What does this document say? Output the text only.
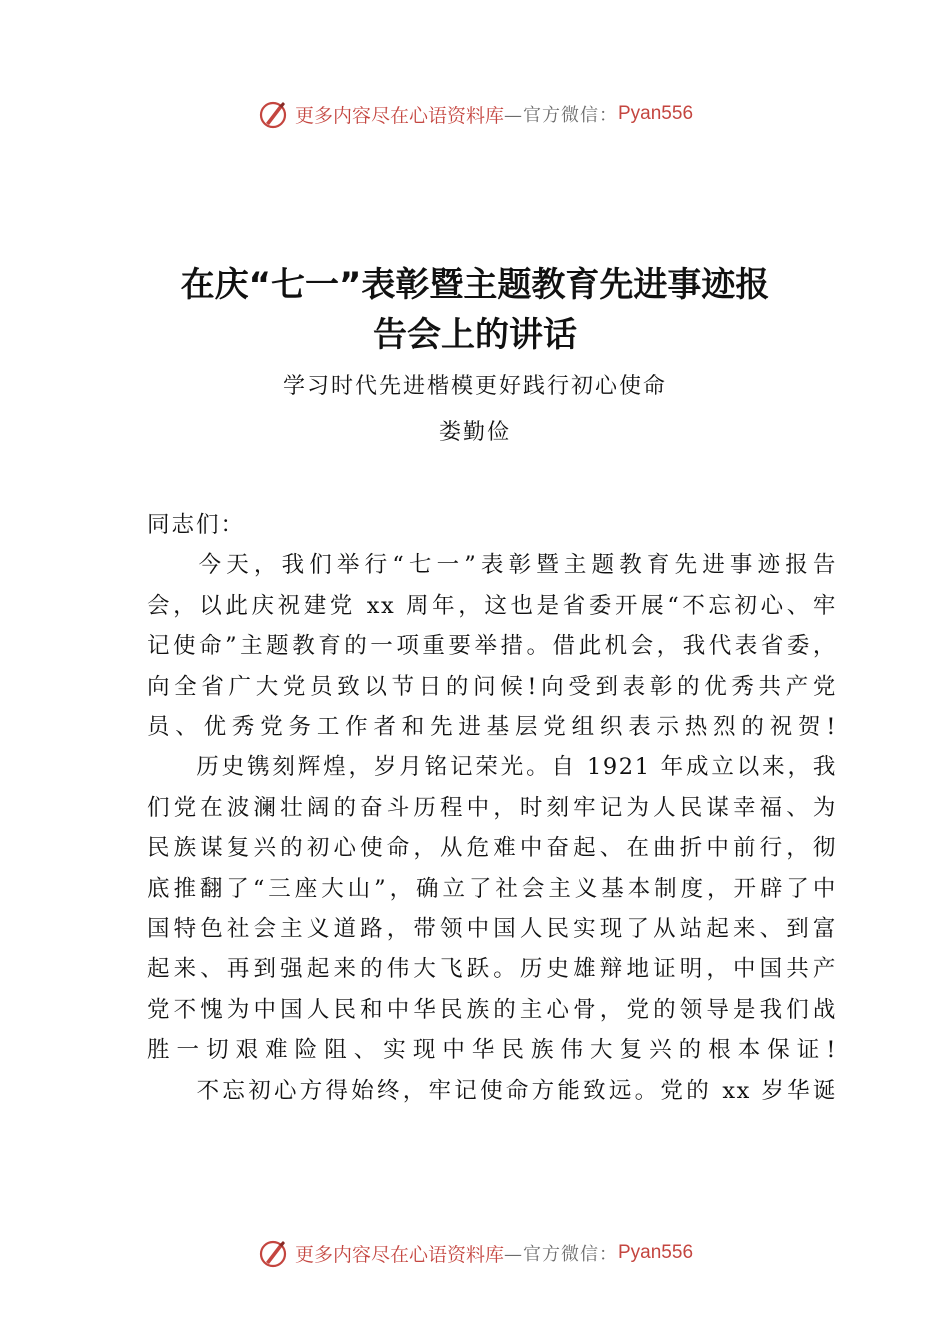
更多内容尽在心语资料库 —官方微信： Pyan556
在庆“七一”表彰暨主题教育先进事迹报
告会上的讲话

学习时代先进楷模更好践行初心使命

娄勤俭

同志们：

今天，我们举行“七一”表彰暨主题教育先进事迹报告
会，以此庆祝建党 xx 周年，这也是省委开展“不忘初心、牢
记使命”主题教育的一项重要举措。借此机会，我代表省委，
向全省广大党员致以节日的问候!向受到表彰的优秀共产党
员、优秀党务工作者和先进基层党组织表示热烈的祝贺!

历史镌刻辉煌，岁月铭记荣光。自 1921 年成立以来，我
们党在波澜壮阔的奋斗历程中，时刻牢记为人民谋幸福、为
民族谋复兴的初心使命，从危难中奋起、在曲折中前行，彻
底推翻了“三座大山”，确立了社会主义基本制度，开辟了中
国特色社会主义道路，带领中国人民实现了从站起来、到富
起来、再到强起来的伟大飞跃。历史雄辩地证明，中国共产
党不愧为中国人民和中华民族的主心骨，党的领导是我们战
胜一切艰难险阻、实现中华民族伟大复兴的根本保证!

不忘初心方得始终，牢记使命方能致远。党的 xx 岁华诞

更多内容尽在心语资料库 —官方微信： Pyan556
